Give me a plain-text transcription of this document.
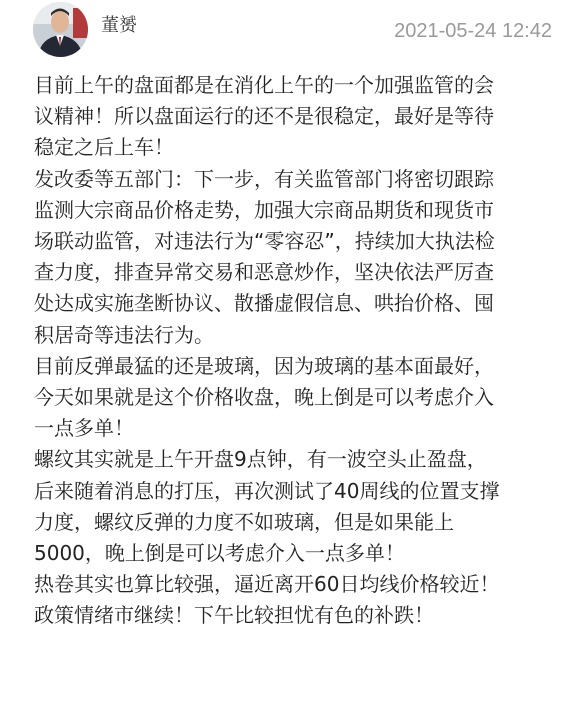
董赟	2021-05-24 12:42

目前上午的盘面都是在消化上午的一个加强监管的会
议精神！所以盘面运行的还不是很稳定，最好是等待
稳定之后上车！

发改委等五部门：下一步，有关监管部门将密切跟踪
监测大宗商品价格走势，加强大宗商品期货和现货市
场联动监管，对违法行为“零容忍”，持续加大执法检
查力度，排查异常交易和恶意炒作，坚决依法严厉查
处达成实施垄断协议、散播虚假信息、哄抬价格、囤
积居奇等违法行为。

目前反弹最猛的还是玻璃，因为玻璃的基本面最好，
今天如果就是这个价格收盘，晚上倒是可以考虑介入
一点多单！

螺纹其实就是上午开盘9点钟，有一波空头止盈盘，
后来随着消息的打压，再次测试了40周线的位置支撑
力度，螺纹反弹的力度不如玻璃，但是如果能上
5000，晚上倒是可以考虑介入一点多单！

热卷其实也算比较强，逼近离开60日均线价格较近！

政策情绪市继续！下午比较担忧有色的补跌！
